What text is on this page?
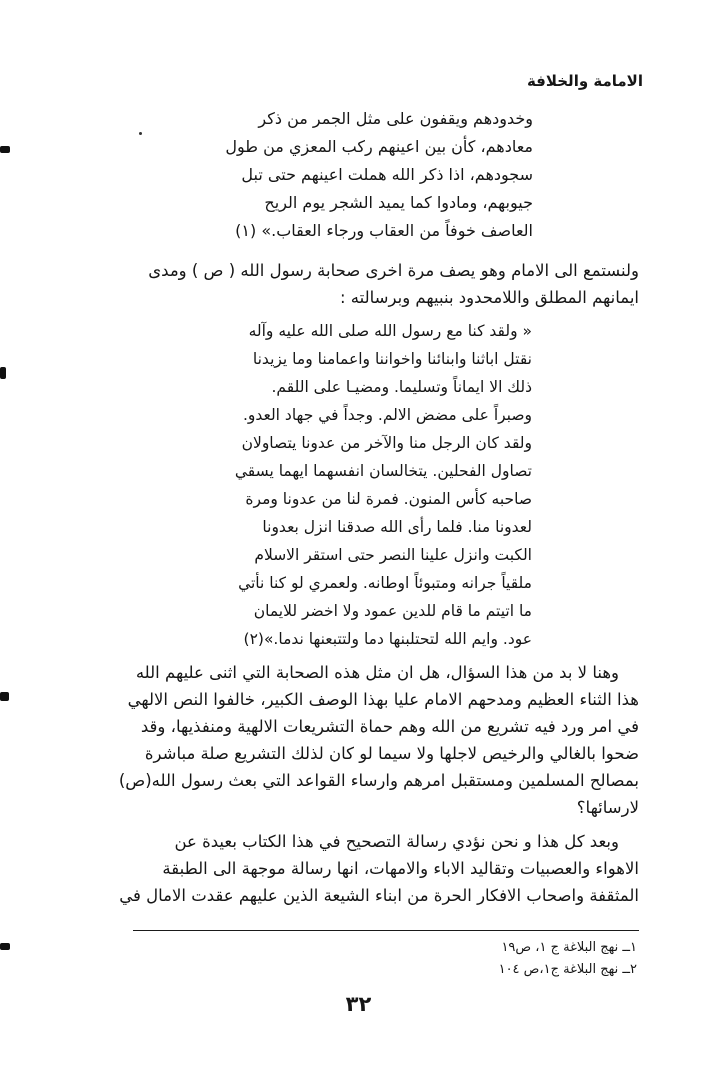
الامامة والخلافة
وخدودهم ويقفون على مثل الجمر من ذكر
معادهم، كأن بين اعينهم ركب المعزي من طول
سجودهم، اذا ذكر الله هملت اعينهم حتى تبل
جيوبهم، ومادوا كما يميد الشجر يوم الريح
العاصف خوفاً من العقاب ورجاء العقاب.» (١)
ولنستمع الى الامام وهو يصف مرة اخرى صحابة رسول الله ( ص ) ومدى
ايمانهم المطلق واللامحدود بنبيهم وبرسالته :
« ولقد كنا مع رسول الله صلى الله عليه وآله
نقتل اباثنا وابنائنا واخواننا واعمامنا وما يزيدنا
ذلك الا ايماناً وتسليما. ومضيـا على اللقم.
وصبراً على مضض الالم. وجداً في جهاد العدو.
ولقد كان الرجل منا والآخر من عدونا يتصاولان
تصاول الفحلين. يتخالسان انفسهما ايهما يسقي
صاحبه كأس المنون. فمرة لنا من عدونا ومرة
لعدونا منا. فلما رأى الله صدقنا انزل بعدونا
الكبت وانزل علينا النصر حتى استقر الاسلام
ملقياً جرانه ومتبوئاً اوطانه. ولعمري لو كنا نأتي
ما اتيتم ما قام للدين عمود ولا اخضر للايمان
عود. وايم الله لتحتلبنها دما ولتتبعنها ندما.»(٢)
وهنا لا بد من هذا السؤال، هل ان مثل هذه الصحابة التي اثنى عليهم الله
هذا الثناء العظيم ومدحهم الامام عليا بهذا الوصف الكبير، خالفوا النص الالهي
في امر ورد فيه تشريع من الله وهم حماة التشريعات الالهية ومنفذيها، وقد
ضحوا بالغالي والرخيص لاجلها ولا سيما لو كان لذلك التشريع صلة مباشرة
بمصالح المسلمين ومستقبل امرهم وارساء القواعد التي بعث رسول الله(ص)
لارسائها؟
وبعد كل هذا و نحن نؤدي رسالة التصحيح في هذا الكتاب بعيدة عن
الاهواء والعصبيات وتقاليد الاباء والامهات، انها رسالة موجهة الى الطبقة
المثقفة واصحاب الافكار الحرة من ابناء الشيعة الذين عليهم عقدت الامال في
١ــ نهج البلاغة ج ١، ص١٩
٢ــ نهج البلاغة ج١،ص ١٠٤
٣٢
